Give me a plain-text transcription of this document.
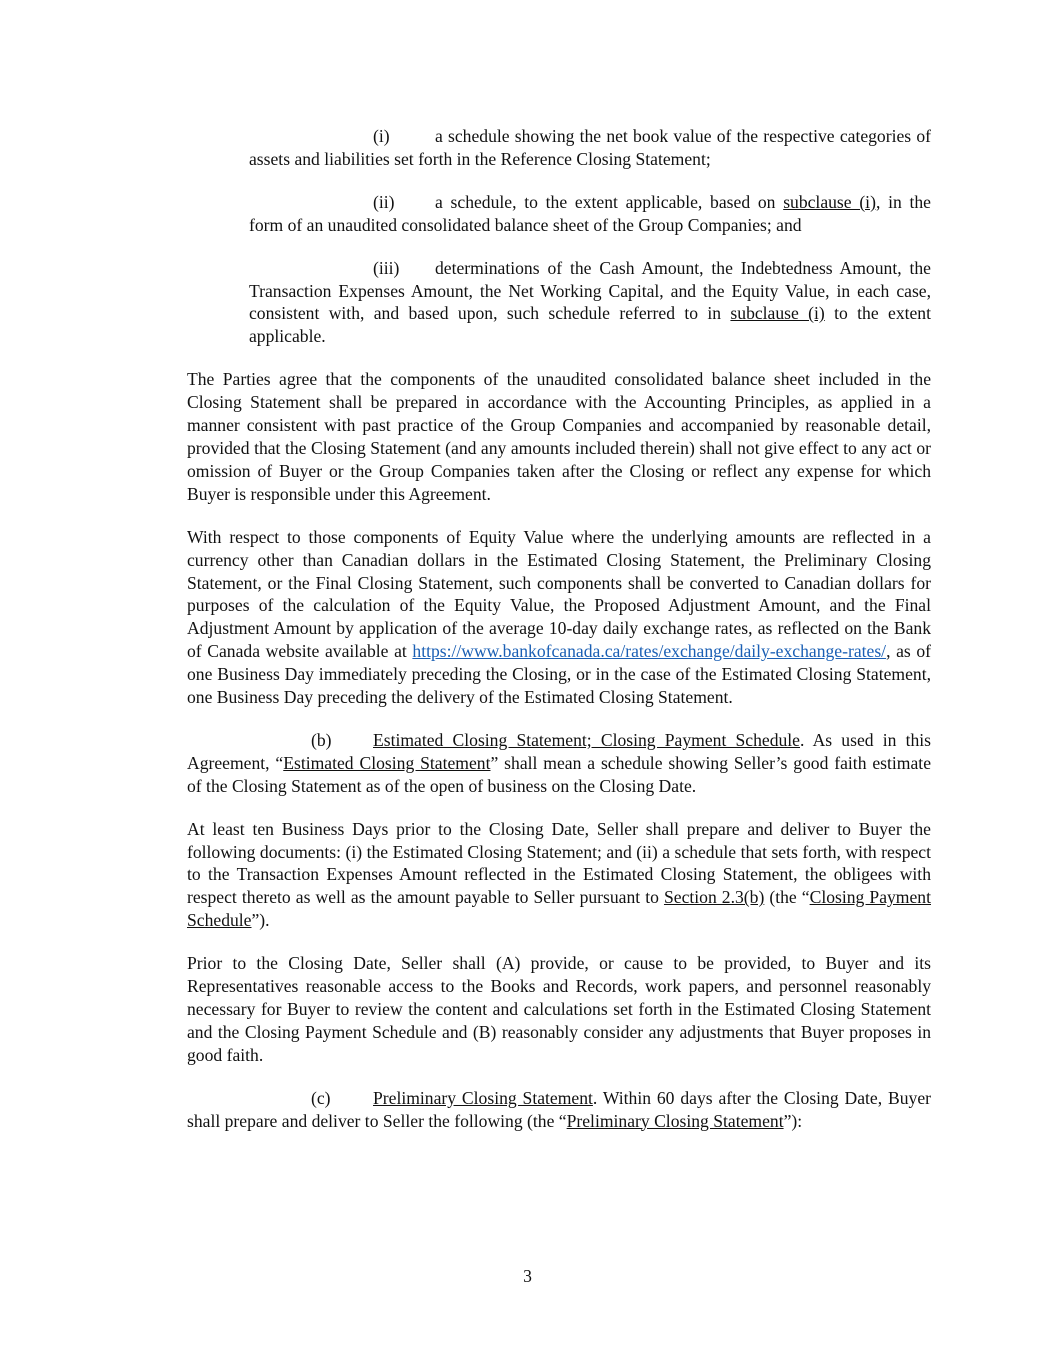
(i)	a schedule showing the net book value of the respective categories of assets and liabilities set forth in the Reference Closing Statement;

(ii) a schedule, to the extent applicable, based on subclause (i), in the form of an unaudited consolidated balance sheet of the Group Companies; and

(iii) determinations of the Cash Amount, the Indebtedness Amount, the Transaction Expenses Amount, the Net Working Capital, and the Equity Value, in each case, consistent with, and based upon, such schedule referred to in subclause (i) to the extent applicable.

The Parties agree that the components of the unaudited consolidated balance sheet included in the Closing Statement shall be prepared in accordance with the Accounting Principles, as applied in a manner consistent with past practice of the Group Companies and accompanied by reasonable detail, provided that the Closing Statement (and any amounts included therein) shall not give effect to any act or omission of Buyer or the Group Companies taken after the Closing or reflect any expense for which Buyer is responsible under this Agreement.

With respect to those components of Equity Value where the underlying amounts are reflected in a currency other than Canadian dollars in the Estimated Closing Statement, the Preliminary Closing Statement, or the Final Closing Statement, such components shall be converted to Canadian dollars for purposes of the calculation of the Equity Value, the Proposed Adjustment Amount, and the Final Adjustment Amount by application of the average 10-day daily exchange rates, as reflected on the Bank of Canada website available at https://www.bankofcanada.ca/rates/exchange/daily-exchange-rates/, as of one Business Day immediately preceding the Closing, or in the case of the Estimated Closing Statement, one Business Day preceding the delivery of the Estimated Closing Statement.

(b) Estimated Closing Statement; Closing Payment Schedule. As used in this Agreement, “Estimated Closing Statement” shall mean a schedule showing Seller’s good faith estimate of the Closing Statement as of the open of business on the Closing Date.

At least ten Business Days prior to the Closing Date, Seller shall prepare and deliver to Buyer the following documents: (i) the Estimated Closing Statement; and (ii) a schedule that sets forth, with respect to the Transaction Expenses Amount reflected in the Estimated Closing Statement, the obligees with respect thereto as well as the amount payable to Seller pursuant to Section 2.3(b) (the “Closing Payment Schedule”).

Prior to the Closing Date, Seller shall (A) provide, or cause to be provided, to Buyer and its Representatives reasonable access to the Books and Records, work papers, and personnel reasonably necessary for Buyer to review the content and calculations set forth in the Estimated Closing Statement and the Closing Payment Schedule and (B) reasonably consider any adjustments that Buyer proposes in good faith.

(c) Preliminary Closing Statement. Within 60 days after the Closing Date, Buyer shall prepare and deliver to Seller the following (the “Preliminary Closing Statement”):

3
